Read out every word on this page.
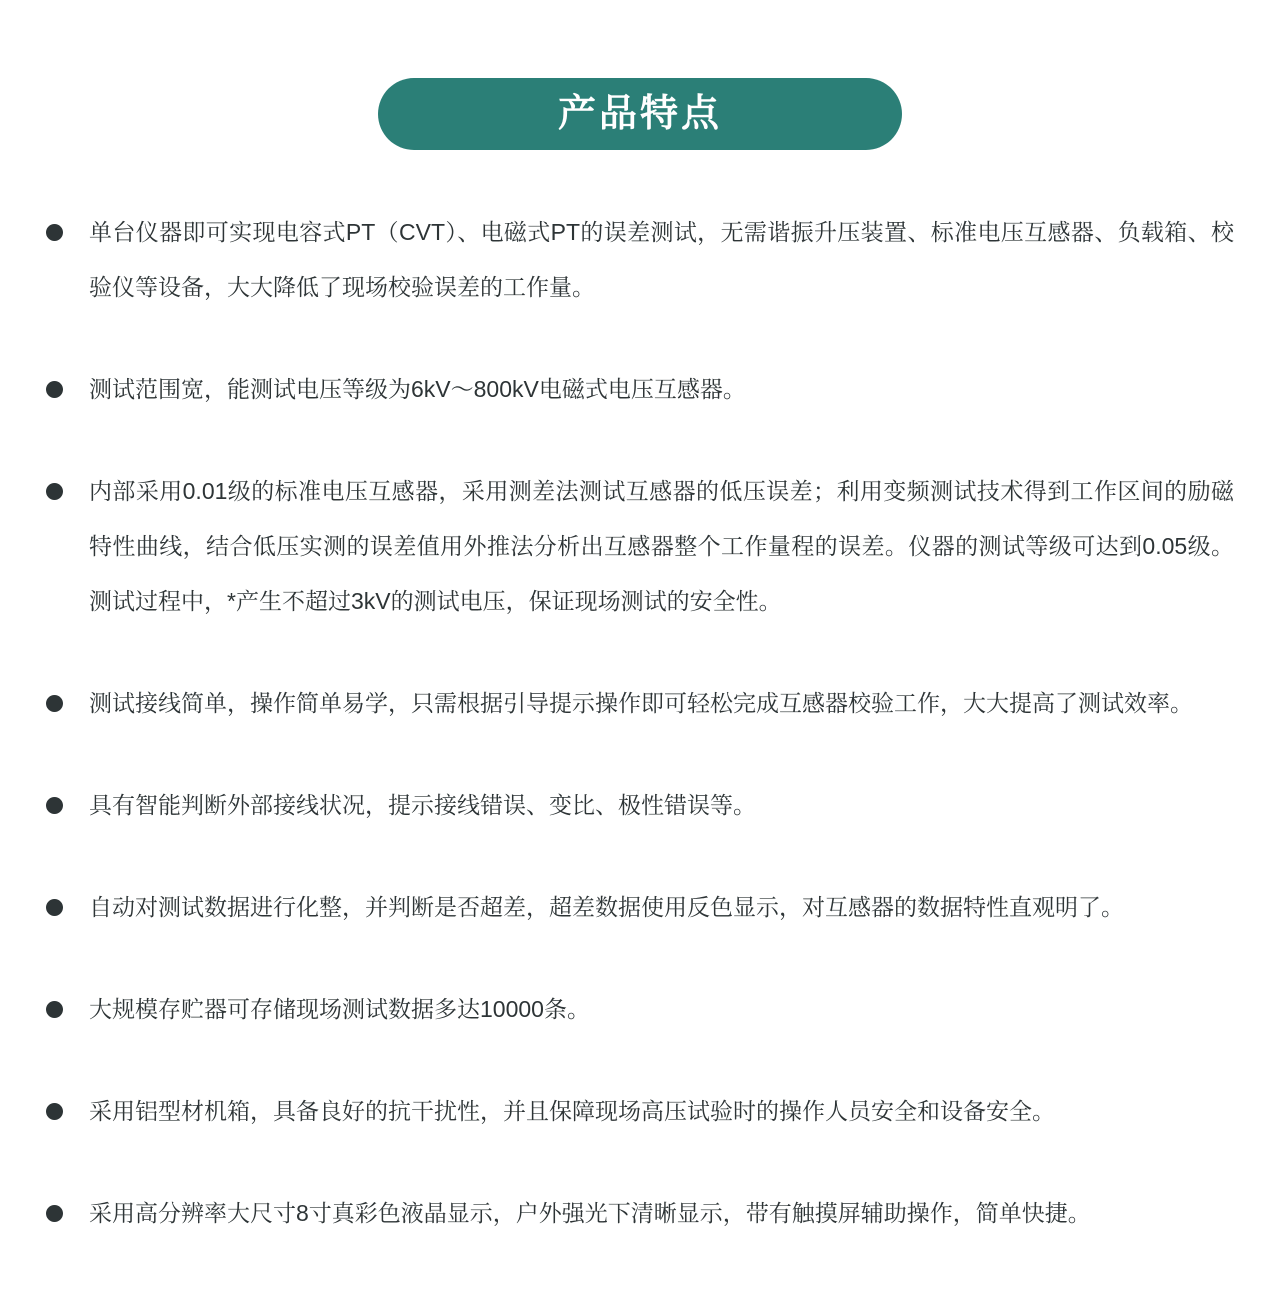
产品特点
单台仪器即可实现电容式PT（CVT）、电磁式PT的误差测试，无需谐振升压装置、标准电压互感器、负载箱、校验仪等设备，大大降低了现场校验误差的工作量。
测试范围宽，能测试电压等级为6kV～800kV电磁式电压互感器。
内部采用0.01级的标准电压互感器，采用测差法测试互感器的低压误差；利用变频测试技术得到工作区间的励磁特性曲线，结合低压实测的误差值用外推法分析出互感器整个工作量程的误差。仪器的测试等级可达到0.05级。测试过程中，*产生不超过3kV的测试电压，保证现场测试的安全性。
测试接线简单，操作简单易学，只需根据引导提示操作即可轻松完成互感器校验工作，大大提高了测试效率。
具有智能判断外部接线状况，提示接线错误、变比、极性错误等。
自动对测试数据进行化整，并判断是否超差，超差数据使用反色显示，对互感器的数据特性直观明了。
大规模存贮器可存储现场测试数据多达10000条。
采用铝型材机箱，具备良好的抗干扰性，并且保障现场高压试验时的操作人员安全和设备安全。
采用高分辨率大尺寸8寸真彩色液晶显示，户外强光下清晰显示，带有触摸屏辅助操作，简单快捷。
